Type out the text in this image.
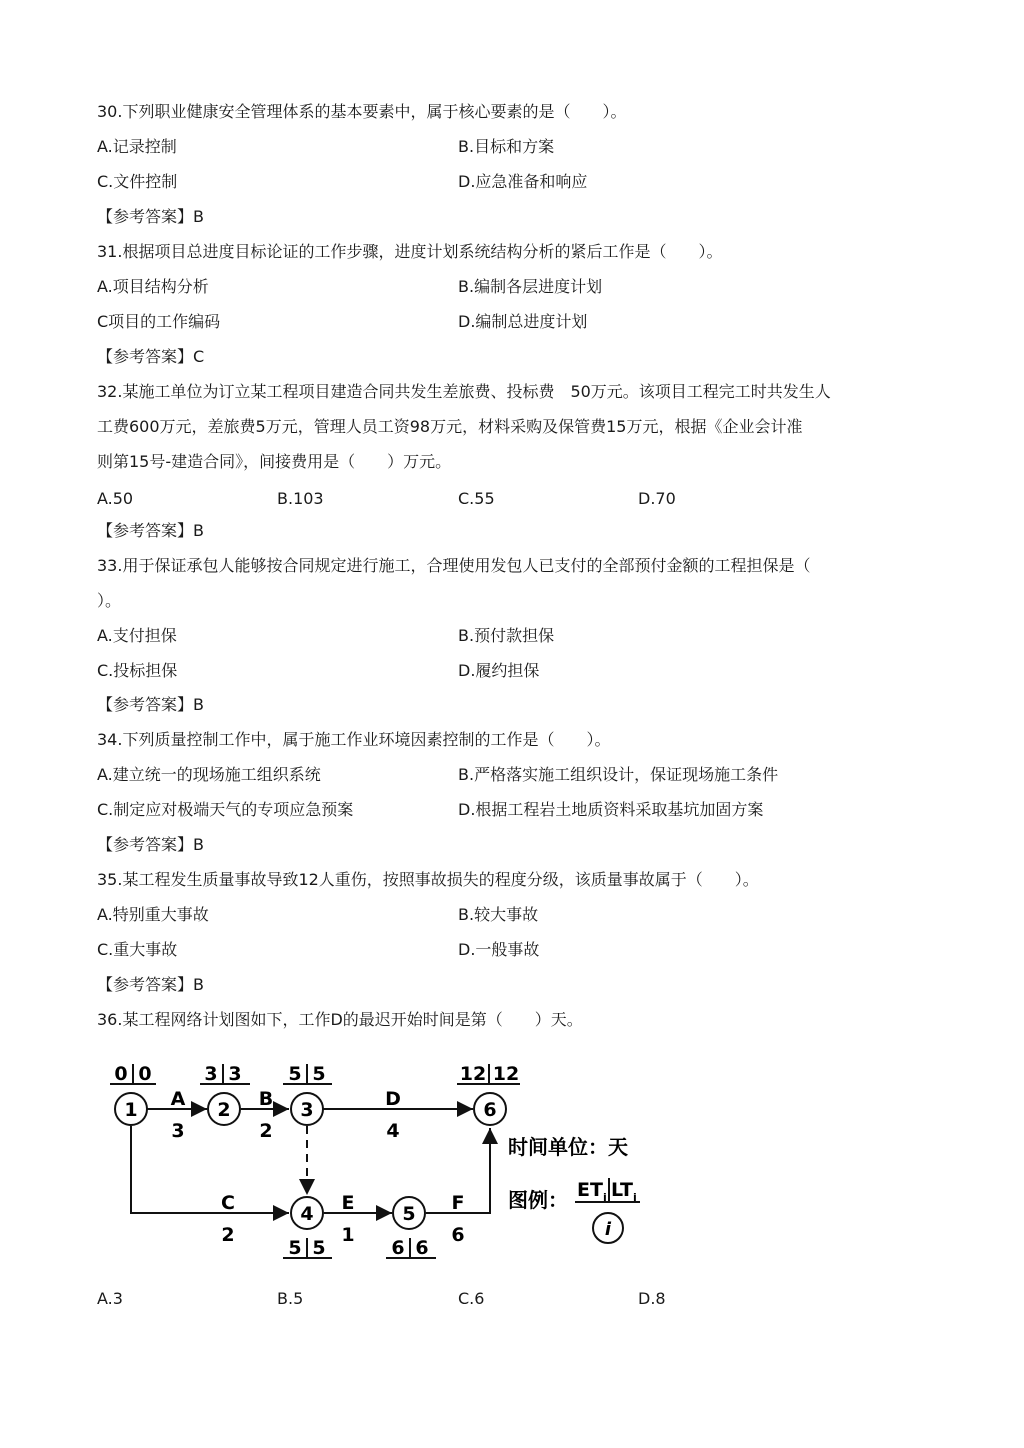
30.下列职业健康安全管理体系的基本要素中，属于核心要素的是（　　）。
A.记录控制	B.目标和方案
C.文件控制	D.应急准备和响应
【参考答案】B
31.根据项目总进度目标论证的工作步骤，进度计划系统结构分析的紧后工作是（　　）。
A.项目结构分析	B.编制各层进度计划
C项目的工作编码	D.编制总进度计划
【参考答案】C
32.某施工单位为订立某工程项目建造合同共发生差旅费、投标费　50万元。该项目工程完工时共发生人
工费600万元，差旅费5万元，管理人员工资98万元，材料采购及保管费15万元，根据《企业会计准
则第15号-建造合同》，间接费用是（　　）万元。
A.50	B.103	C.55	D.70
【参考答案】B
33.用于保证承包人能够按合同规定进行施工，合理使用发包人已支付的全部预付金额的工程担保是（
）。
A.支付担保	B.预付款担保
C.投标担保	D.履约担保
【参考答案】B
34.下列质量控制工作中，属于施工作业环境因素控制的工作是（　　）。
A.建立统一的现场施工组织系统	B.严格落实施工组织设计，保证现场施工条件
C.制定应对极端天气的专项应急预案	D.根据工程岩土地质资料采取基坑加固方案
【参考答案】B
35.某工程发生质量事故导致12人重伤，按照事故损失的程度分级，该质量事故属于（　　）。
A.特别重大事故	B.较大事故
C.重大事故	D.一般事故
【参考答案】B
36.某工程网络计划图如下，工作D的最迟开始时间是第（　　）天。
1
0 0
2
3 3
3
5 5
4
5 5
5
6 6
6
12 12
A
3
B
2
D
4
C
2
E
1
F
6
时间单位：天
图例： ET i LT i
i
A.3	B.5	C.6	D.8
